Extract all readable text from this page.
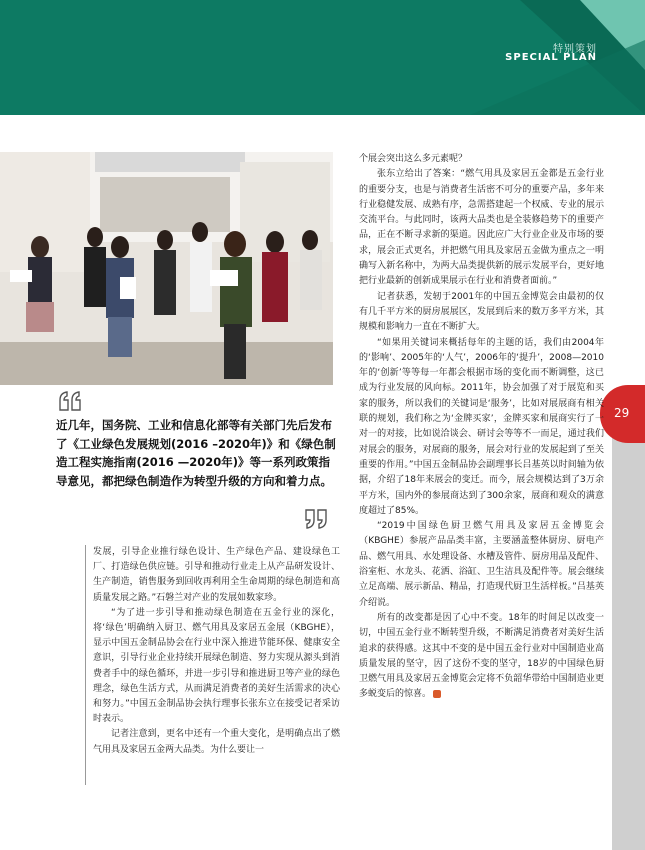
特别策划
SPECIAL PLAN
29

近几年，国务院、工业和信息化部等有关部门先后发布了《工业绿色发展规划(2016 –2020年)》和《绿色制造工程实施指南(2016 —2020年)》等一系列政策指导意见，都把绿色制造作为转型升级的方向和着力点。

发展，引导企业推行绿色设计、生产绿色产品、建设绿色工厂、打造绿色供应链。引导和推动行业走上从产品研发设计、生产制造，销售服务到回收再利用全生命周期的绿色制造和高质量发展之路。”石磐兰对产业的发展如数家珍。

“为了进一步引导和推动绿色制造在五金行业的深化，将‘绿色’明确纳入厨卫、燃气用具及家居五金展（KBGHE），显示中国五金制品协会在行业中深入推进节能环保、健康安全意识，引导行业企业持续开展绿色制造、努力实现从源头到消费者手中的绿色循环，并进一步引导和推进厨卫等产业的绿色理念，绿色生活方式，从而满足消费者的美好生活需求的决心和努力。”中国五金制品协会执行理事长张东立在接受记者采访时表示。

记者注意到，更名中还有一个重大变化，是明确点出了燃气用具及家居五金两大品类。为什么要让一

个展会突出这么多元素呢？

张东立给出了答案：“燃气用具及家居五金都是五金行业的重要分支，也是与消费者生活密不可分的重要产品，多年来行业稳健发展、成熟有序，急需搭建起一个权威、专业的展示交流平台。与此同时，该两大品类也是全装修趋势下的重要产品，正在不断寻求新的渠道。因此应广大行业企业及市场的要求，展会正式更名，并把燃气用具及家居五金做为重点之一明确写入新名称中，为两大品类提供新的展示发展平台，更好地把行业最新的创新成果展示在行业和消费者面前。”

记者获悉，发轫于2001年的中国五金博览会由最初的仅有几千平方米的厨房展展区，发展到后来的数万多平方米，其规模和影响力一直在不断扩大。

“如果用关键词来概括每年的主题的话，我们由2004年的‘影响’、2005年的‘人气’，2006年的‘提升’，2008—2010年的‘创新’等等每一年都会根据市场的变化而不断调整，这已成为行业发展的风向标。2011年，协会加强了对于展览和买家的服务，所以我们的关键词是‘服务’，比如对展展商有相关联的规划，我们称之为‘金牌买家’，金牌买家和展商实行了一对一的对接，比如说洽谈会、研讨会等等不一而足，通过我们对展会的服务，对展商的服务，展会对行业的发展起到了至关重要的作用。”中国五金制品协会副理事长吕基英以时间轴为依据，介绍了18年来展会的变迁。而今，展会规模达到了3万余平方米，国内外的参展商达到了300余家，展商和观众的满意度超过了85%。

“2019中国绿色厨卫燃气用具及家居五金博览会（KBGHE）参展产品品类丰富，主要涵盖整体厨房、厨电产品、燃气用具、水处理设备、水槽及管件、厨房用品及配件、浴室柜、水龙头、花洒、浴缸、卫生洁具及配件等。展会继续立足高端、展示新品、精品，打造现代厨卫生活样板。”吕基英介绍说。

所有的改变都是因了心中不变。18年的时间足以改变一切，中国五金行业不断转型升级，不断满足消费者对美好生活追求的获得感。这其中不变的是中国五金行业对中国制造业高质量发展的坚守，因了这份不变的坚守，18岁的中国绿色厨卫燃气用具及家居五金博览会定将不负韶华带给中国制造业更多蜕变后的惊喜。
